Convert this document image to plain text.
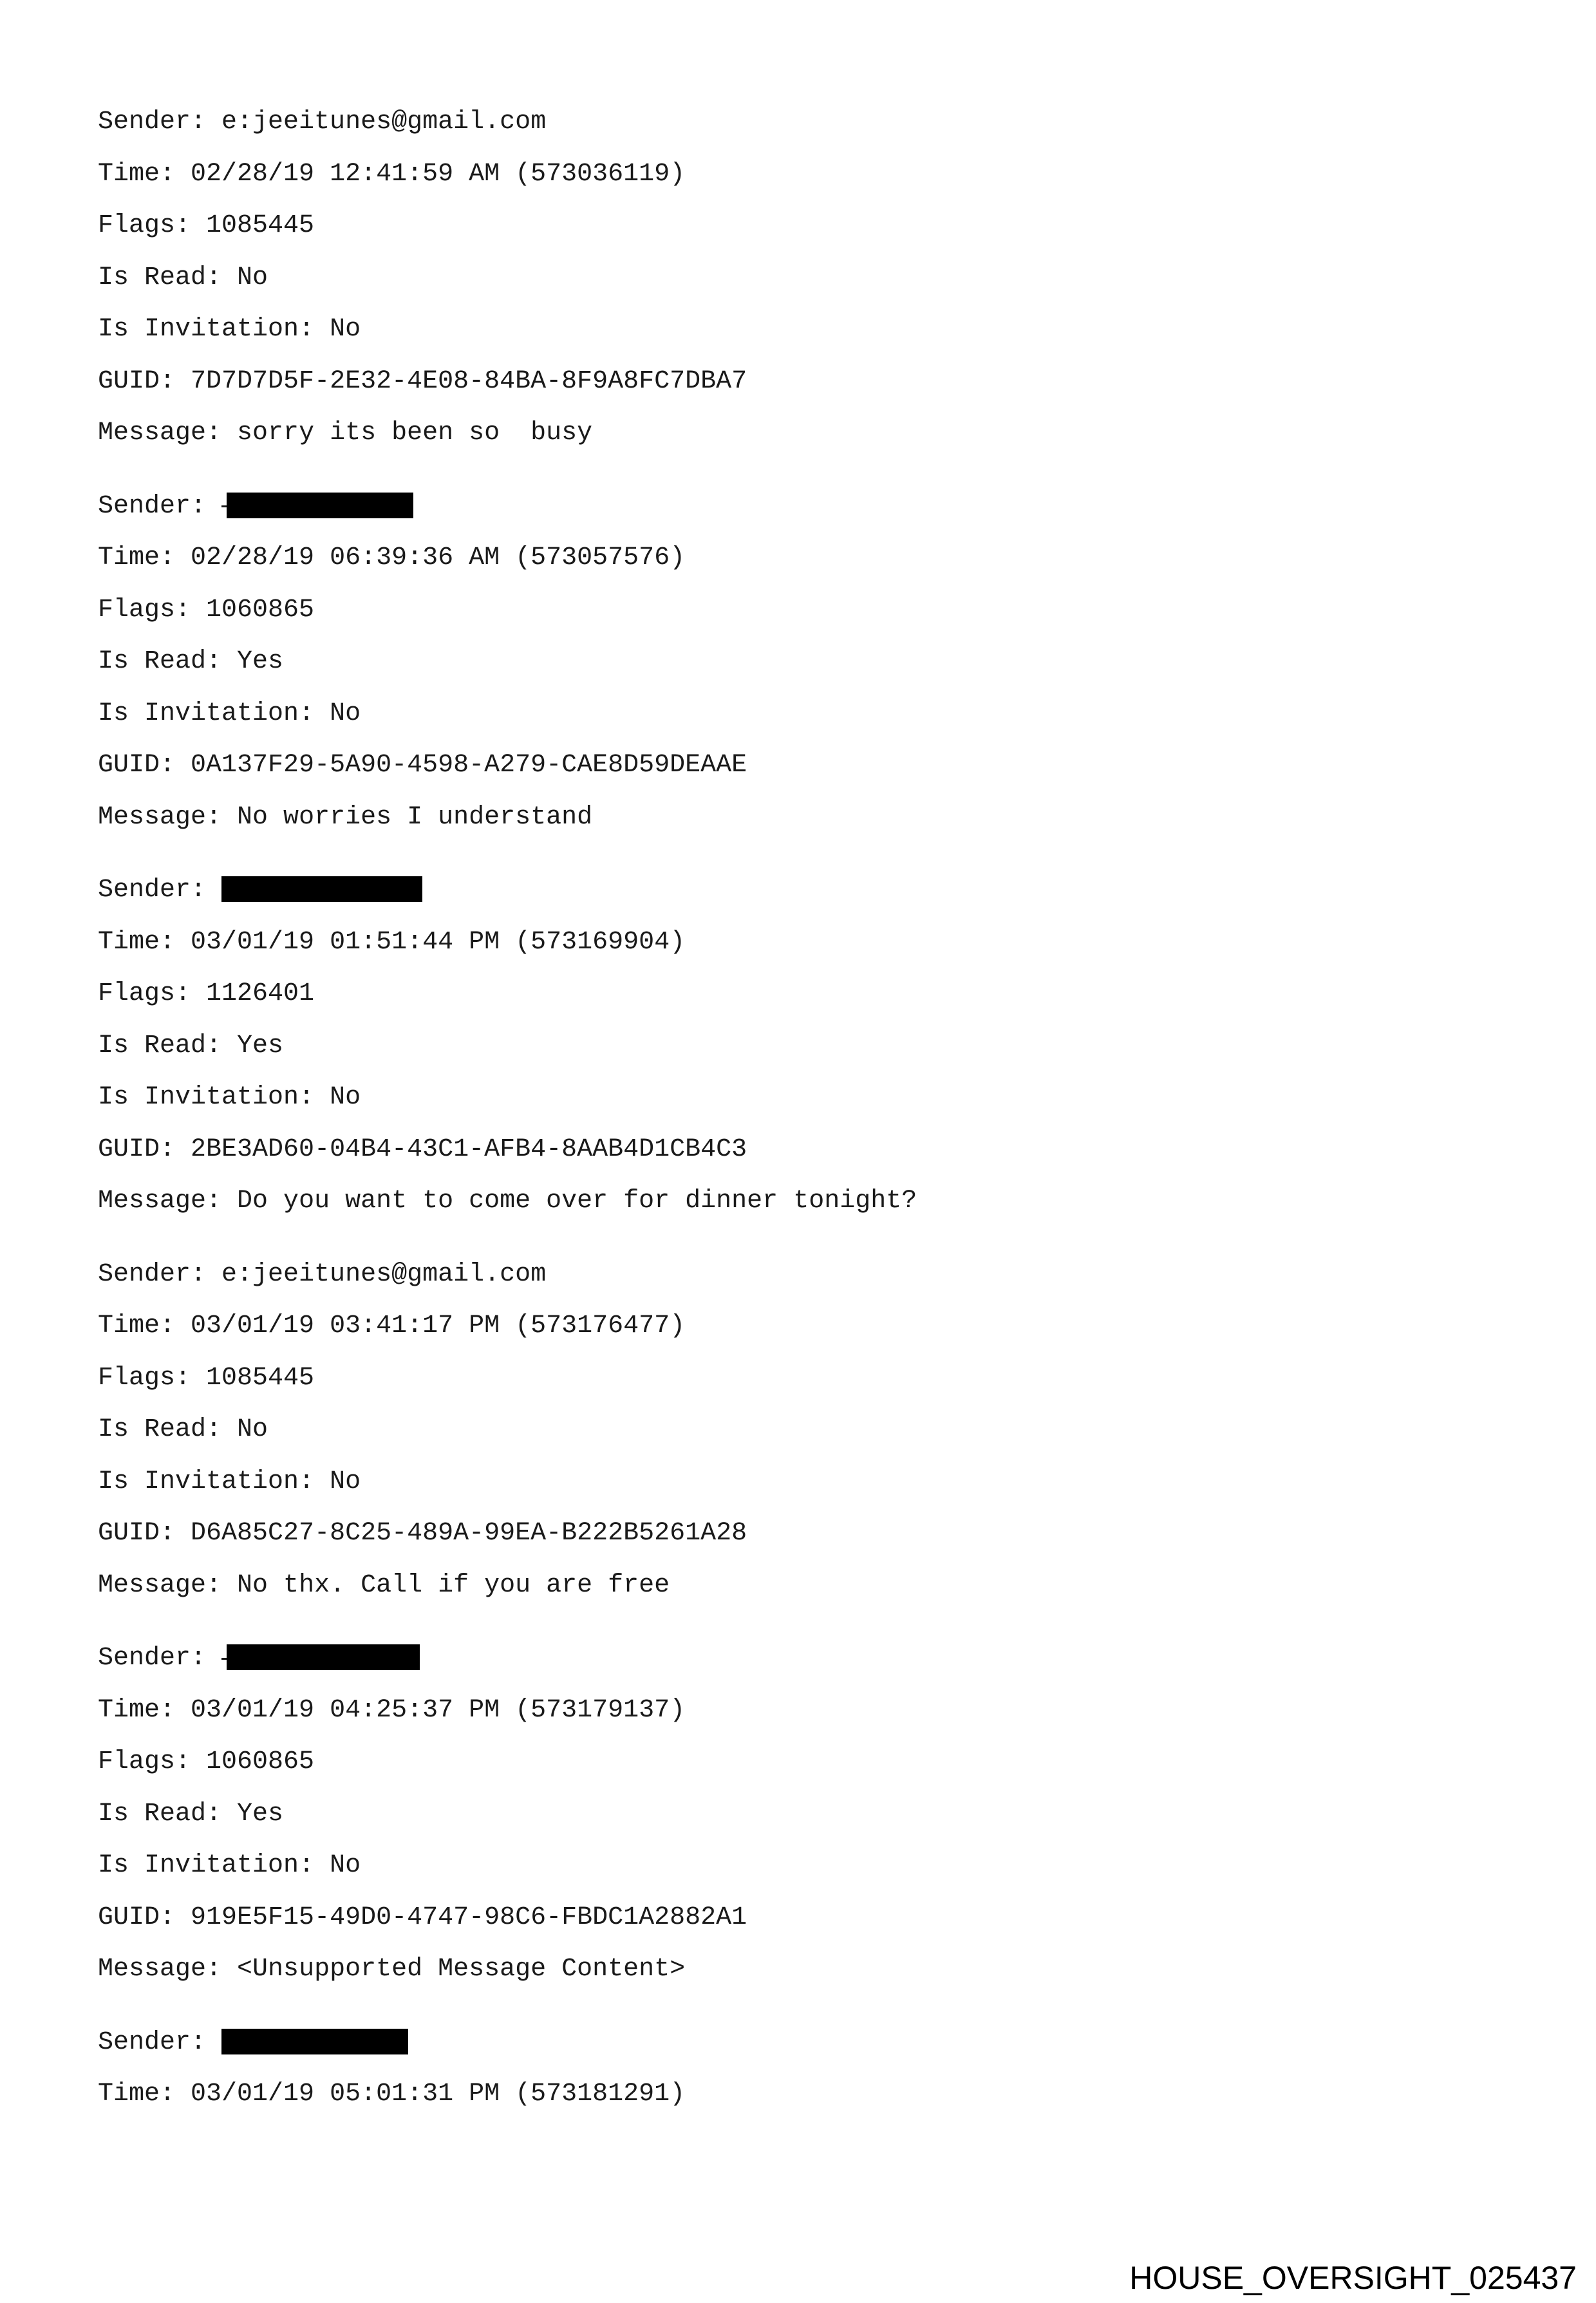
Sender: e:jeeitunes@gmail.com
Time: 02/28/19 12:41:59 AM (573036119)
Flags: 1085445
Is Read: No
Is Invitation: No
GUID: 7D7D7D5F-2E32-4E08-84BA-8F9A8FC7DBA7
Message: sorry its been so  busy
Sender:
Time: 02/28/19 06:39:36 AM (573057576)
Flags: 1060865
Is Read: Yes
Is Invitation: No
GUID: 0A137F29-5A90-4598-A279-CAE8D59DEAAE
Message: No worries I understand
Sender:
Time: 03/01/19 01:51:44 PM (573169904)
Flags: 1126401
Is Read: Yes
Is Invitation: No
GUID: 2BE3AD60-04B4-43C1-AFB4-8AAB4D1CB4C3
Message: Do you want to come over for dinner tonight?
Sender: e:jeeitunes@gmail.com
Time: 03/01/19 03:41:17 PM (573176477)
Flags: 1085445
Is Read: No
Is Invitation: No
GUID: D6A85C27-8C25-489A-99EA-B222B5261A28
Message: No thx. Call if you are free
Sender:
Time: 03/01/19 04:25:37 PM (573179137)
Flags: 1060865
Is Read: Yes
Is Invitation: No
GUID: 919E5F15-49D0-4747-98C6-FBDC1A2882A1
Message: <Unsupported Message Content>
Sender:
Time: 03/01/19 05:01:31 PM (573181291)
HOUSE_OVERSIGHT_025437
